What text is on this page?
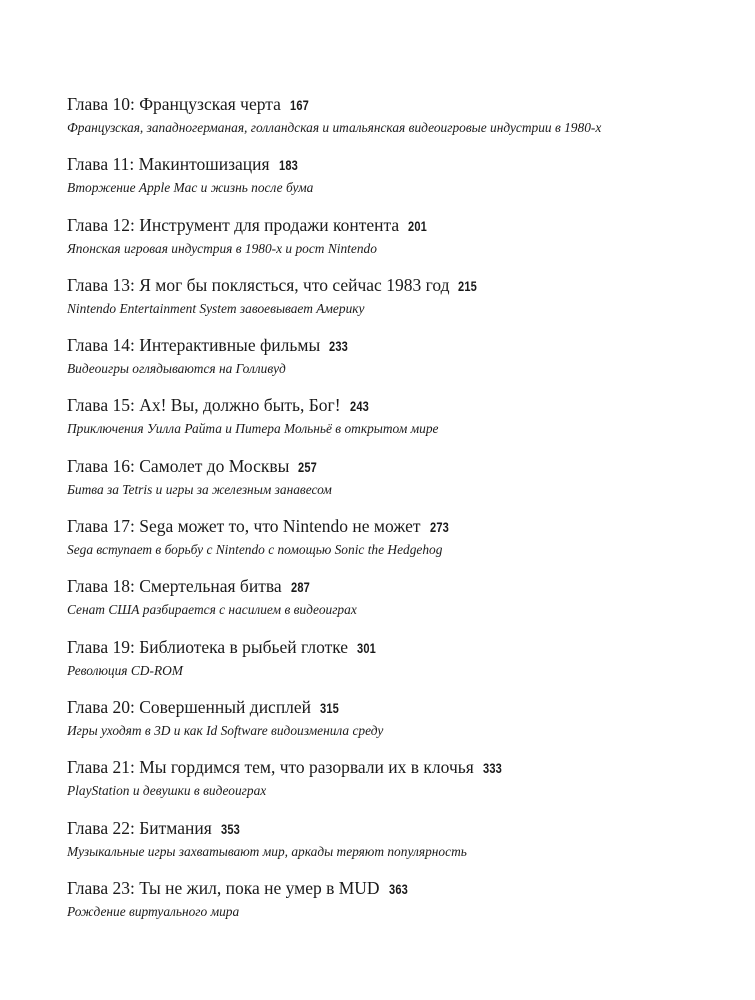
Глава 10: Французская черта 167
Французская, западногерманая, голландская и итальянская видеоигровые индустрии в 1980-х
Глава 11: Макинтошизация 183
Вторжение Apple Mac и жизнь после бума
Глава 12: Инструмент для продажи контента 201
Японская игровая индустрия в 1980-х и рост Nintendo
Глава 13: Я мог бы поклясться, что сейчас 1983 год 215
Nintendo Entertainment System завоевывает Америку
Глава 14: Интерактивные фильмы 233
Видеоигры оглядываются на Голливуд
Глава 15: Ах! Вы, должно быть, Бог! 243
Приключения Уилла Райта и Питера Мольньё в открытом мире
Глава 16: Самолет до Москвы 257
Битва за Tetris и игры за железным занавесом
Глава 17: Sega может то, что Nintendo не может 273
Sega вступает в борьбу с Nintendo с помощью Sonic the Hedgehog
Глава 18: Смертельная битва 287
Сенат США разбирается с насилием в видеоиграх
Глава 19: Библиотека в рыбьей глотке 301
Революция CD-ROM
Глава 20: Совершенный дисплей 315
Игры уходят в 3D и как Id Software видоизменила среду
Глава 21: Мы гордимся тем, что разорвали их в клочья 333
PlayStation и девушки в видеоиграх
Глава 22: Битмания 353
Музыкальные игры захватывают мир, аркады теряют популярность
Глава 23: Ты не жил, пока не умер в MUD 363
Рождение виртуального мира
